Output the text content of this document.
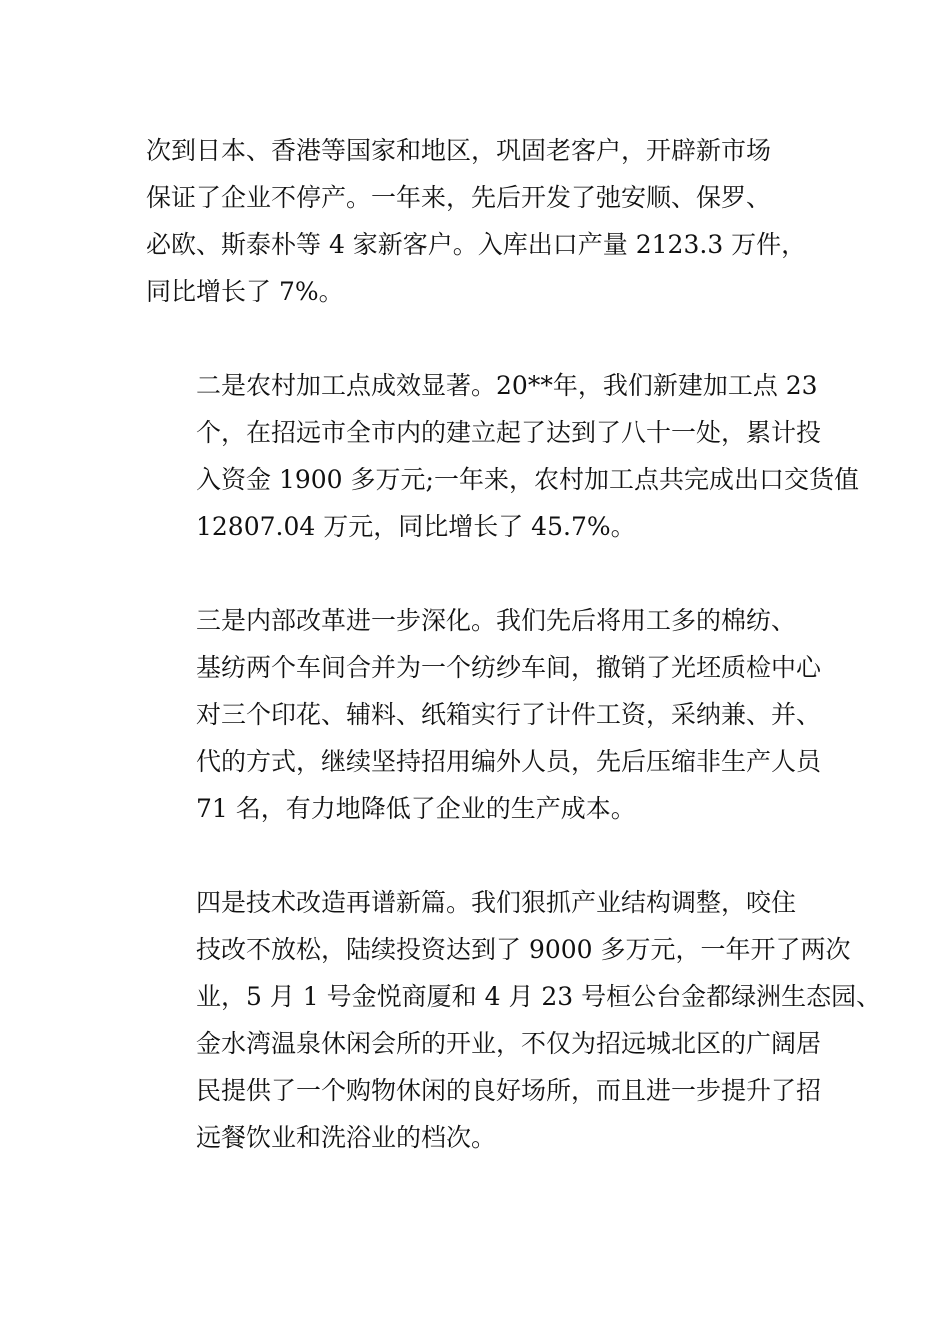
次到日本、香港等国家和地区，巩固老客户，开辟新市场
保证了企业不停产。一年来，先后开发了弛安顺、保罗、
必欧、斯泰朴等 4 家新客户。入库出口产量 2123.3 万件，
同比增长了 7%。

二是农村加工点成效显著。20**年，我们新建加工点 23
个，在招远市全市内的建立起了达到了八十一处，累计投
入资金 1900 多万元;一年来，农村加工点共完成出口交货值
12807.04 万元，同比增长了 45.7%。

三是内部改革进一步深化。我们先后将用工多的棉纺、
基纺两个车间合并为一个纺纱车间，撤销了光坯质检中心
对三个印花、辅料、纸箱实行了计件工资，采纳兼、并、
代的方式，继续坚持招用编外人员，先后压缩非生产人员
71 名，有力地降低了企业的生产成本。

四是技术改造再谱新篇。我们狠抓产业结构调整，咬住
技改不放松，陆续投资达到了 9000 多万元，一年开了两次
业，5 月 1 号金悦商厦和 4 月 23 号桓公台金都绿洲生态园、
金水湾温泉休闲会所的开业，不仅为招远城北区的广阔居
民提供了一个购物休闲的良好场所，而且进一步提升了招
远餐饮业和洗浴业的档次。
